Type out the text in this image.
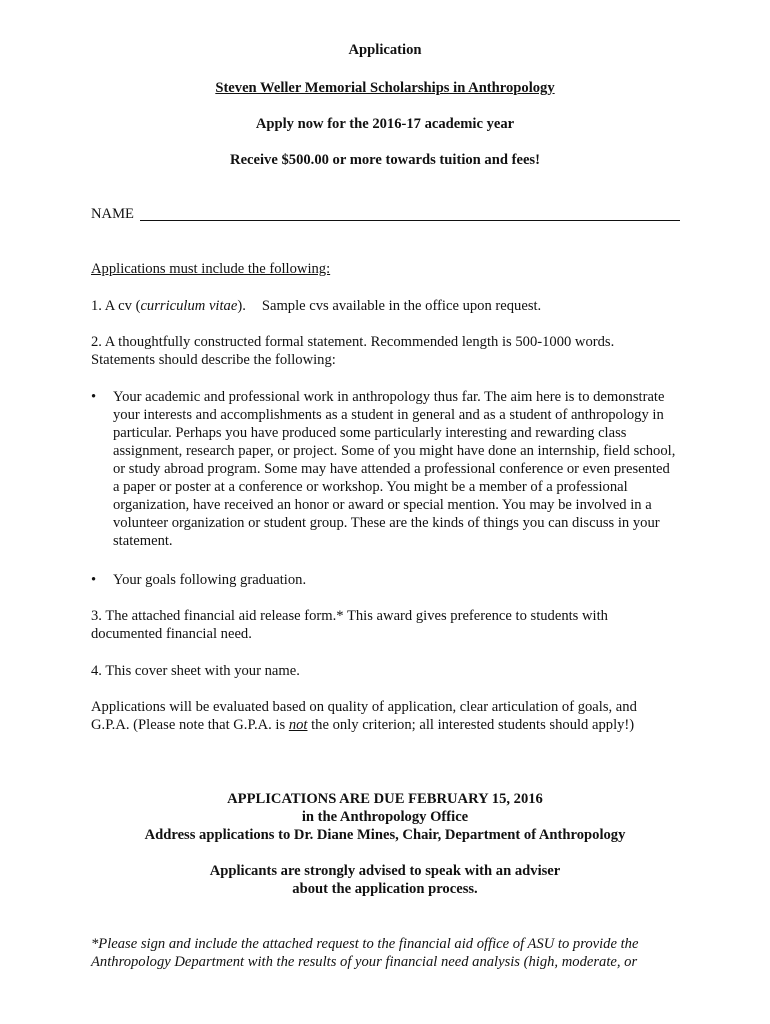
Application
Steven Weller Memorial Scholarships in Anthropology
Apply now for the 2016-17 academic year
Receive $500.00 or more towards tuition and fees!
NAME
Applications must include the following:
1. A cv (curriculum vitae). Sample cvs available in the office upon request.
2. A thoughtfully constructed formal statement. Recommended length is 500-1000 words. Statements should describe the following:
• Your academic and professional work in anthropology thus far. The aim here is to demonstrate your interests and accomplishments as a student in general and as a student of anthropology in particular. Perhaps you have produced some particularly interesting and rewarding class assignment, research paper, or project. Some of you might have done an internship, field school, or study abroad program. Some may have attended a professional conference or even presented a paper or poster at a conference or workshop. You might be a member of a professional organization, have received an honor or award or special mention. You may be involved in a volunteer organization or student group. These are the kinds of things you can discuss in your statement.
• Your goals following graduation.
3. The attached financial aid release form.* This award gives preference to students with documented financial need.
4. This cover sheet with your name.
Applications will be evaluated based on quality of application, clear articulation of goals, and G.P.A. (Please note that G.P.A. is not the only criterion; all interested students should apply!)
APPLICATIONS ARE DUE FEBRUARY 15, 2016
in the Anthropology Office
Address applications to Dr. Diane Mines, Chair, Department of Anthropology
Applicants are strongly advised to speak with an adviser
about the application process.
*Please sign and include the attached request to the financial aid office of ASU to provide the Anthropology Department with the results of your financial need analysis (high, moderate, or
